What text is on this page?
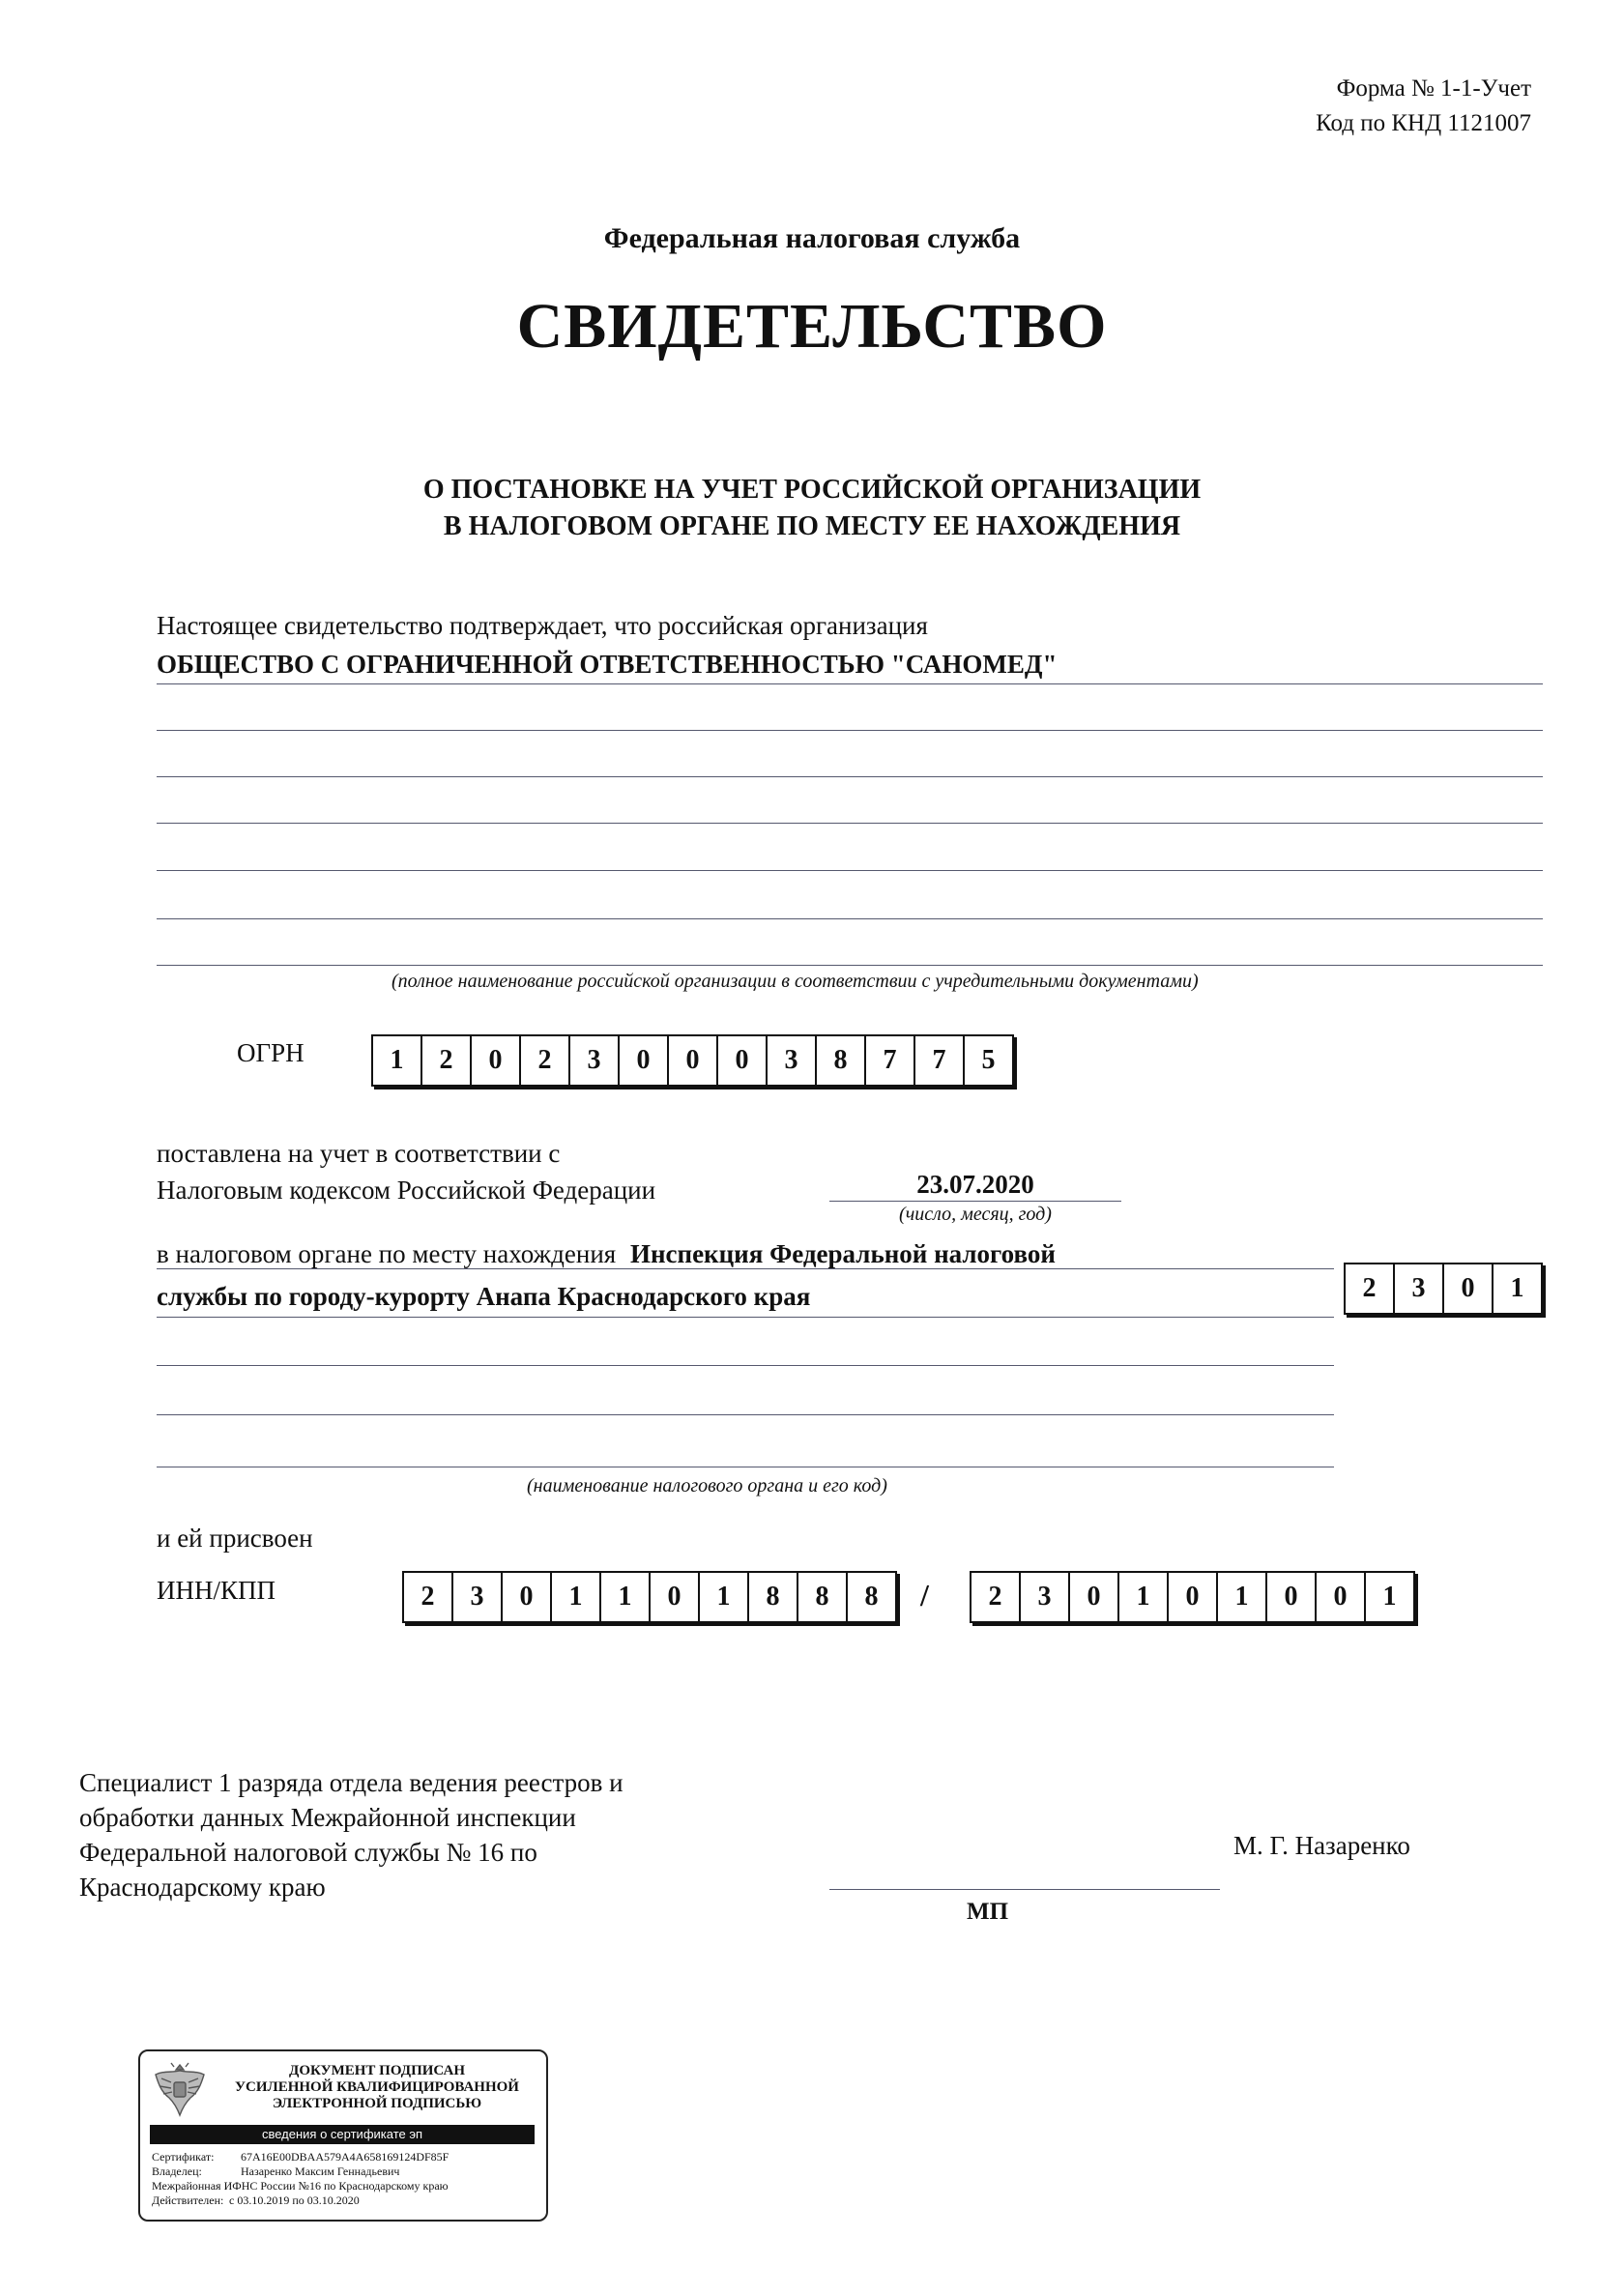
Форма № 1-1-Учет
Код по КНД 1121007
Федеральная налоговая служба
СВИДЕТЕЛЬСТВО
О ПОСТАНОВКЕ НА УЧЕТ РОССИЙСКОЙ ОРГАНИЗАЦИИ
В НАЛОГОВОМ ОРГАНЕ ПО МЕСТУ ЕЕ НАХОЖДЕНИЯ
Настоящее свидетельство подтверждает, что российская организация
ОБЩЕСТВО С ОГРАНИЧЕННОЙ ОТВЕТСТВЕННОСТЬЮ "САНОМЕД"
(полное наименование российской организации в соответствии с учредительными документами)
ОГРН	1	2	0	2	3	0	0	0	3	8	7	7	5
поставлена на учет в соответствии с
Налоговым кодексом Российской Федерации	23.07.2020
(число, месяц, год)
в налоговом органе по месту нахождения Инспекция Федеральной налоговой
службы по городу-курорту Анапа Краснодарского края	2	3	0	1
(наименование налогового органа и его код)
и ей присвоен
ИНН/КПП	2	3	0	1	1	0	1	8	8	8	/	2	3	0	1	0	1	0	0	1
Специалист 1 разряда отдела ведения реестров и
обработки данных Межрайонной инспекции
Федеральной налоговой службы № 16 по
Краснодарскому краю
М. Г. Назаренко
МП
ДОКУМЕНТ ПОДПИСАН
УСИЛЕННОЙ КВАЛИФИЦИРОВАННОЙ
ЭЛЕКТРОННОЙ ПОДПИСЬЮ
сведения о сертификате эп
Сертификат: 67A16E00DBAA579A4A658169124DF85F
Владелец:	Назаренко Максим Геннадьевич
Межрайонная ИФНС России №16 по Краснодарскому краю
Действителен: с 03.10.2019 по 03.10.2020
